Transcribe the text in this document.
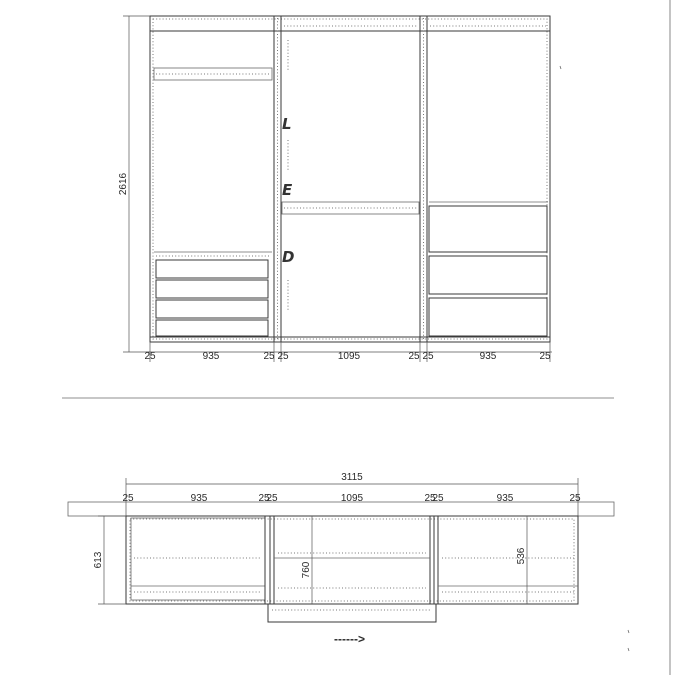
L
E
D
2616
25	935	25 25	1095	25 25	935	25
3115
25	935	25
25	1095	25
25	935	25
613
760
536
------>
